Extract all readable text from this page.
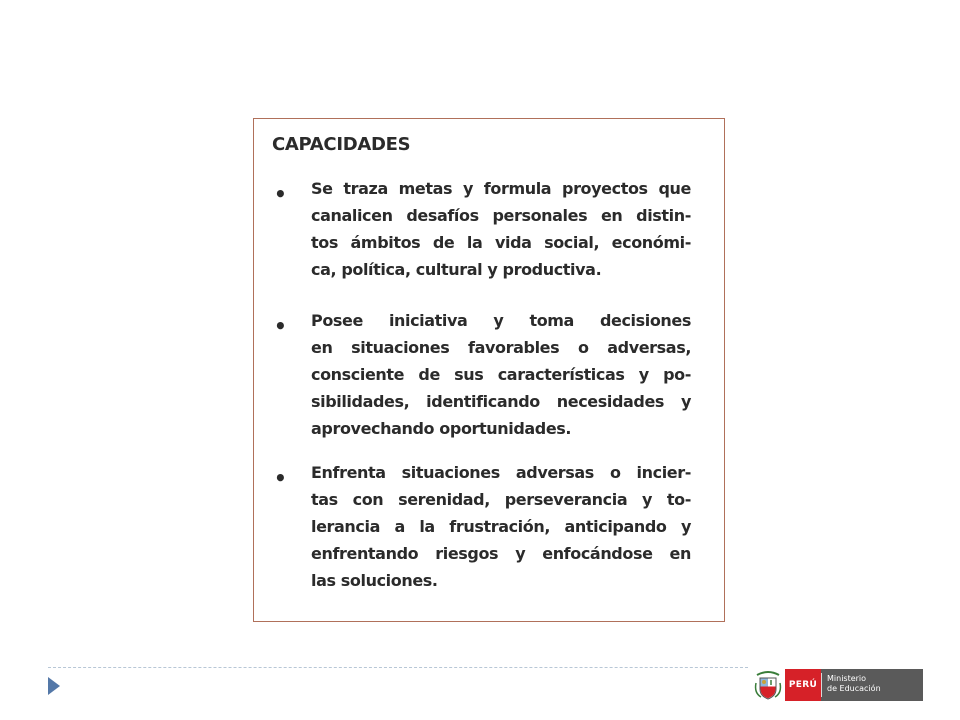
CAPACIDADES
• Se traza metas y formula proyectos que
canalicen desafíos personales en distin-
tos ámbitos de la vida social, económi-
ca, política, cultural y productiva.
• Posee iniciativa y toma decisiones
en situaciones favorables o adversas,
consciente de sus características y po-
sibilidades, identificando necesidades y
aprovechando oportunidades.
• Enfrenta situaciones adversas o incier-
tas con serenidad, perseverancia y to-
lerancia a la frustración, anticipando y
enfrentando riesgos y enfocándose en
las soluciones.
PERÚ
Ministerio
de Educación
